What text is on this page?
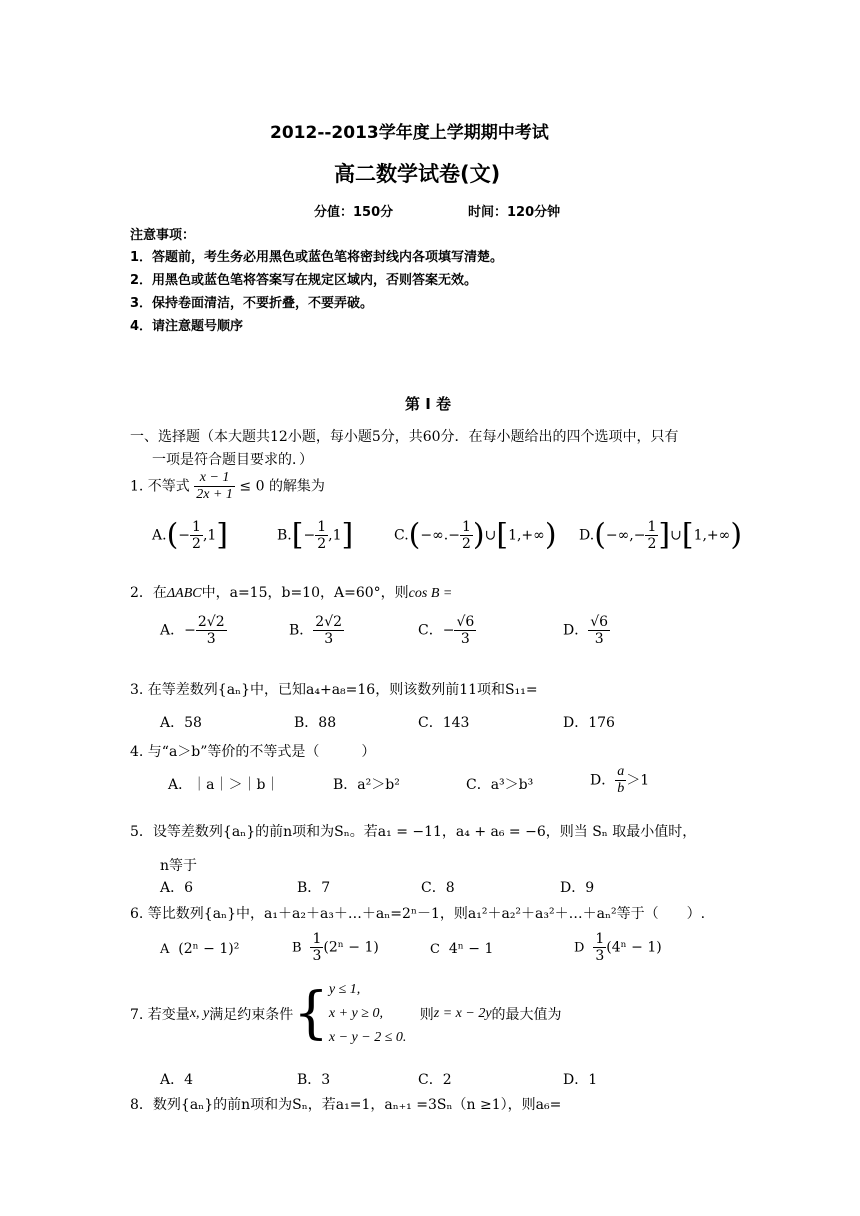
2012--2013学年度上学期期中考试
高二数学试卷(文)
分值：150分	时间：120分钟
注意事项：
1．答题前，考生务必用黑色或蓝色笔将密封线内各项填写清楚。
2．用黑色或蓝色笔将答案写在规定区域内，否则答案无效。
3．保持卷面清洁，不要折叠，不要弄破。
4．请注意题号顺序
第 I 卷
一、选择题（本大题共12小题，每小题5分，共60分．在每小题给出的四个选项中，只有
一项是符合题目要求的．）
1. 不等式 $\frac{x - 1}{2x + 1} \le 0$ 的解集为
$A.(- \frac{1}{2} ,1]$	$B.[- \frac{1}{2} ,1]$	$C.(-\infty.- \frac{1}{2}$ )∪[1,+∞) $D.(-\infty,- \frac{1}{2}$ ]∪[1,+∞)
2．在ΔABC中，a=15，b=10，A=60°，则cos B =
A．− $\frac{2√2}{3}$	B． $\frac{2√2}{3}$	C．− $\frac{√6}{3}$	D． $\frac{√6}{3}$
3. 在等差数列{aₙ}中，已知a₄+a₈=16，则该数列前11项和S₁₁=
A．58	B．88	C．143	D．176
4. 与“a＞b”等价的不等式是（　　　）
A．｜a｜＞｜b｜	B．a²＞b²	C．a³＞b³	D． $\frac{a}{b} >1$
5．设等差数列{aₙ}的前n项和为Sₙ。若a₁ = −11，a₄ + a₆ = −6，则当 Sₙ 取最小值时，
n等于
A．6	B．7	C．8	D．9
6. 等比数列{aₙ}中，a₁＋a₂＋a₃＋…＋aₙ=2ⁿ－1，则a₁²＋a₂²＋a₃²＋…＋aₙ²等于（　　）.
A (2ⁿ − 1)²	B $\frac{1}{3} (2^n - 1)$	C 4ⁿ − 1	D $\frac{1}{3} (4^n - 1)$
7. 若变量x, y满足约束条件{ y ≤ 1,
x + y ≥ 0,
x − y − 2 ≤ 0.
则z = x − 2y的最大值为
A．4	B．3	C．2	D．1
8．数列{aₙ}的前n项和为Sₙ，若a₁=1，aₙ₊₁ =3Sₙ（n ≥1），则a₆=
